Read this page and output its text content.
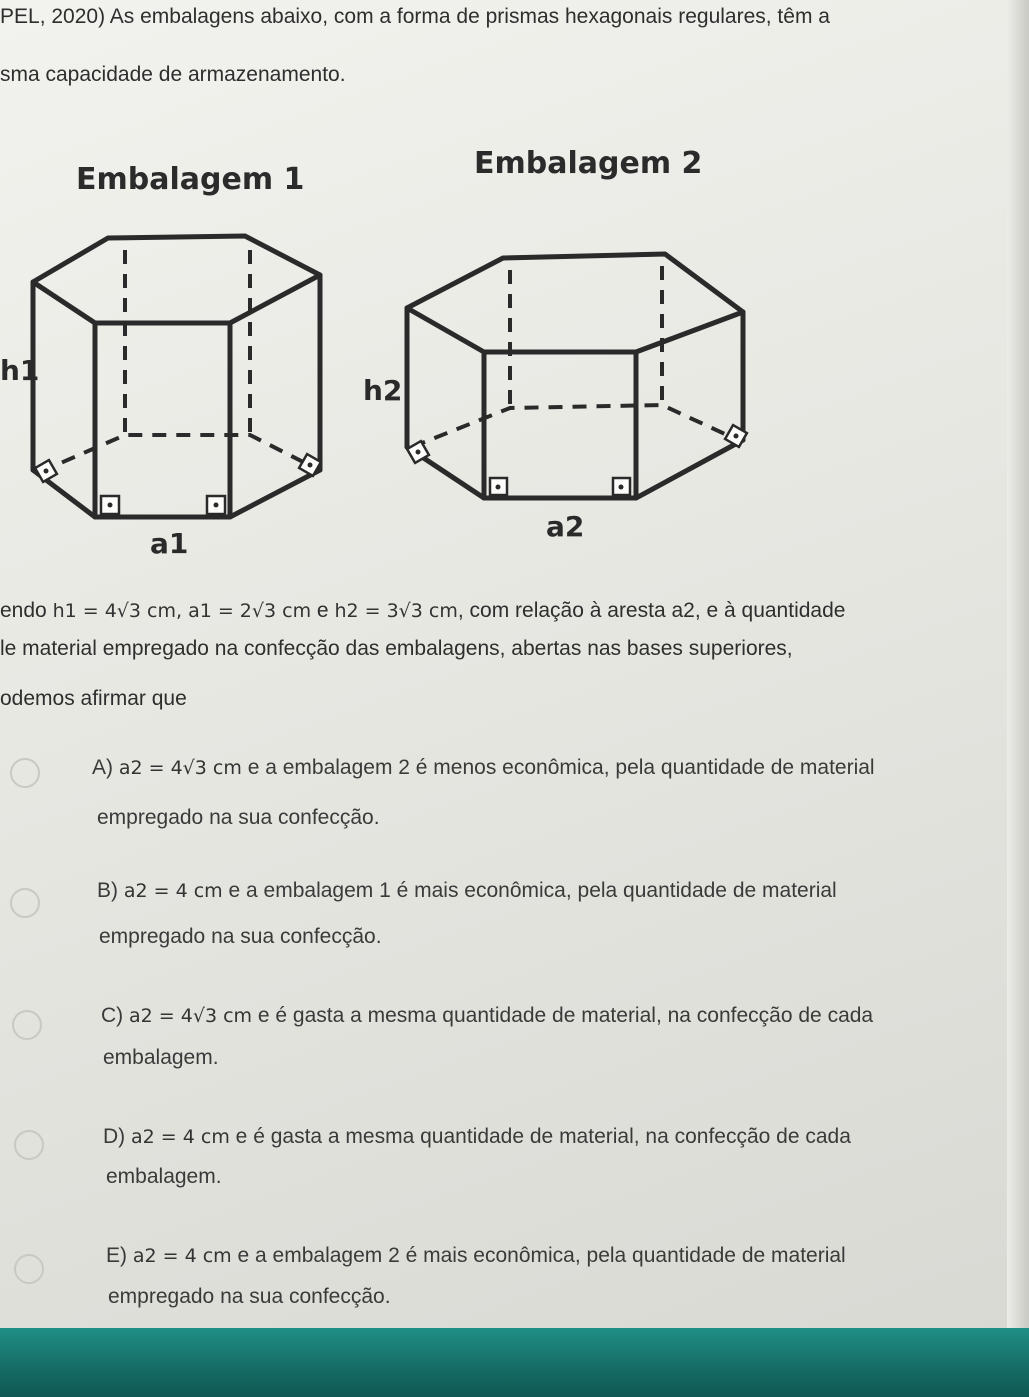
PEL, 2020) As embalagens abaixo, com a forma de prismas hexagonais regulares, têm a

sma capacidade de armazenamento.

Embalagem 1	Embalagem 2

h1
a1
h2
a2

endo h1 = 4√3 cm, a1 = 2√3 cm e h2 = 3√3 cm, com relação à aresta a2, e à quantidade

le material empregado na confecção das embalagens, abertas nas bases superiores,

odemos afirmar que

A) a2 = 4√3 cm e a embalagem 2 é menos econômica, pela quantidade de material

empregado na sua confecção.

B) a2 = 4 cm e a embalagem 1 é mais econômica, pela quantidade de material

empregado na sua confecção.

C) a2 = 4√3 cm e é gasta a mesma quantidade de material, na confecção de cada

embalagem.

D) a2 = 4 cm e é gasta a mesma quantidade de material, na confecção de cada

embalagem.

E) a2 = 4 cm e a embalagem 2 é mais econômica, pela quantidade de material

empregado na sua confecção.
